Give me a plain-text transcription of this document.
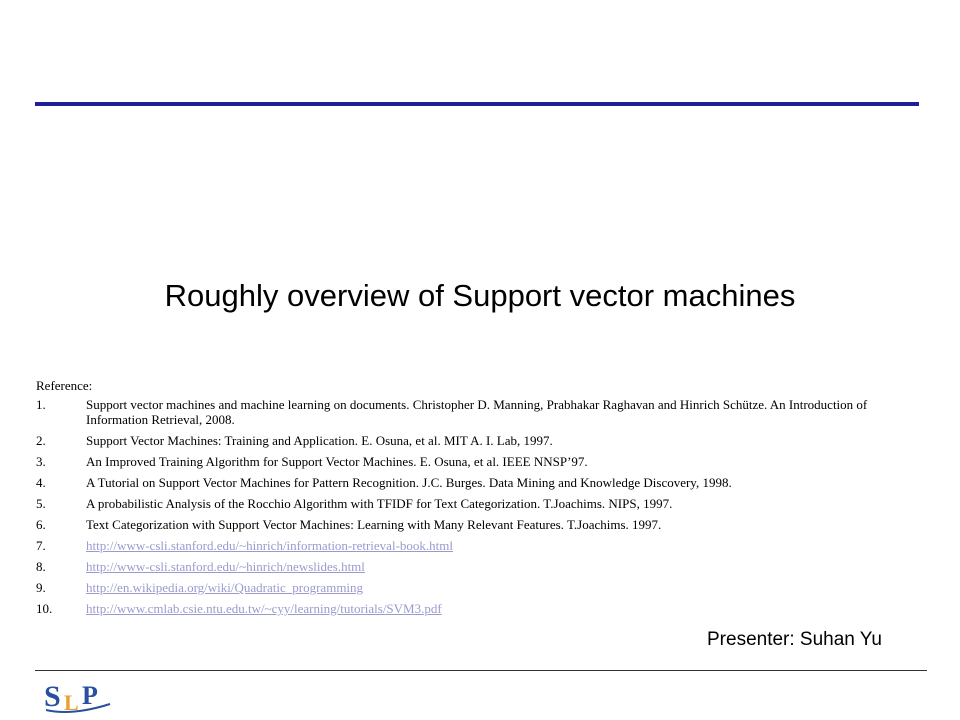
Roughly overview of Support vector machines
Reference:
1.	Support vector machines and machine learning on documents. Christopher D. Manning, Prabhakar Raghavan and Hinrich Schütze. An Introduction of Information Retrieval, 2008.
2.	Support Vector Machines: Training and Application. E. Osuna, et al. MIT A. I. Lab, 1997.
3.	An Improved Training Algorithm for Support Vector Machines. E. Osuna, et al. IEEE NNSP’97.
4.	A Tutorial on Support Vector Machines for Pattern Recognition. J.C. Burges. Data Mining and Knowledge Discovery, 1998.
5.	A probabilistic Analysis of the Rocchio Algorithm with TFIDF for Text Categorization. T.Joachims. NIPS, 1997.
6.	Text Categorization with Support Vector Machines: Learning with Many Relevant Features. T.Joachims. 1997.
7.	http://www-csli.stanford.edu/~hinrich/information-retrieval-book.html
8.	http://www-csli.stanford.edu/~hinrich/newslides.html
9.	http://en.wikipedia.org/wiki/Quadratic_programming
10.	http://www.cmlab.csie.ntu.edu.tw/~cyy/learning/tutorials/SVM3.pdf
Presenter: Suhan Yu
S L P
